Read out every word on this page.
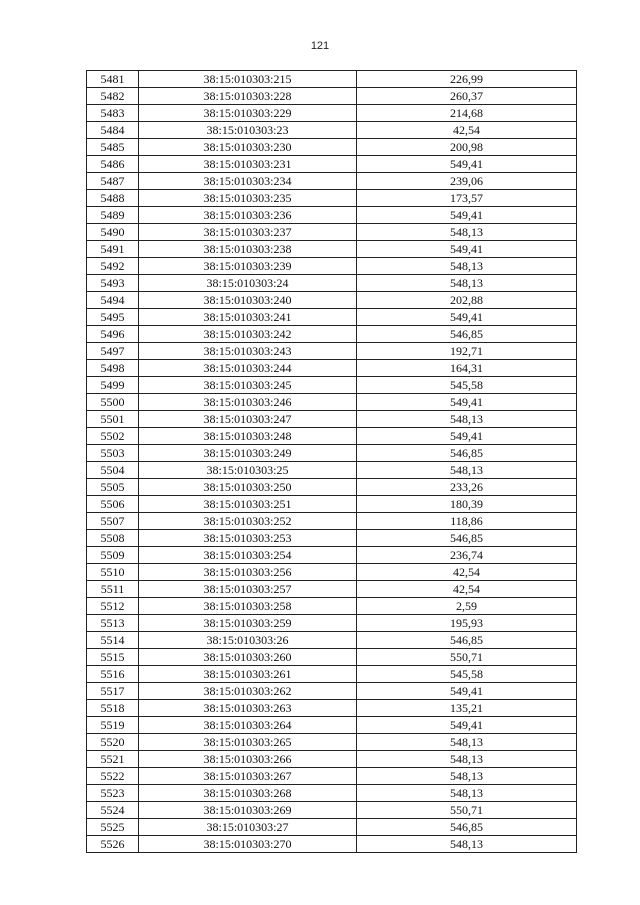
121
5481	38:15:010303:215	226,99
5482	38:15:010303:228	260,37
5483	38:15:010303:229	214,68
5484	38:15:010303:23	42,54
5485	38:15:010303:230	200,98
5486	38:15:010303:231	549,41
5487	38:15:010303:234	239,06
5488	38:15:010303:235	173,57
5489	38:15:010303:236	549,41
5490	38:15:010303:237	548,13
5491	38:15:010303:238	549,41
5492	38:15:010303:239	548,13
5493	38:15:010303:24	548,13
5494	38:15:010303:240	202,88
5495	38:15:010303:241	549,41
5496	38:15:010303:242	546,85
5497	38:15:010303:243	192,71
5498	38:15:010303:244	164,31
5499	38:15:010303:245	545,58
5500	38:15:010303:246	549,41
5501	38:15:010303:247	548,13
5502	38:15:010303:248	549,41
5503	38:15:010303:249	546,85
5504	38:15:010303:25	548,13
5505	38:15:010303:250	233,26
5506	38:15:010303:251	180,39
5507	38:15:010303:252	118,86
5508	38:15:010303:253	546,85
5509	38:15:010303:254	236,74
5510	38:15:010303:256	42,54
5511	38:15:010303:257	42,54
5512	38:15:010303:258	2,59
5513	38:15:010303:259	195,93
5514	38:15:010303:26	546,85
5515	38:15:010303:260	550,71
5516	38:15:010303:261	545,58
5517	38:15:010303:262	549,41
5518	38:15:010303:263	135,21
5519	38:15:010303:264	549,41
5520	38:15:010303:265	548,13
5521	38:15:010303:266	548,13
5522	38:15:010303:267	548,13
5523	38:15:010303:268	548,13
5524	38:15:010303:269	550,71
5525	38:15:010303:27	546,85
5526	38:15:010303:270	548,13
